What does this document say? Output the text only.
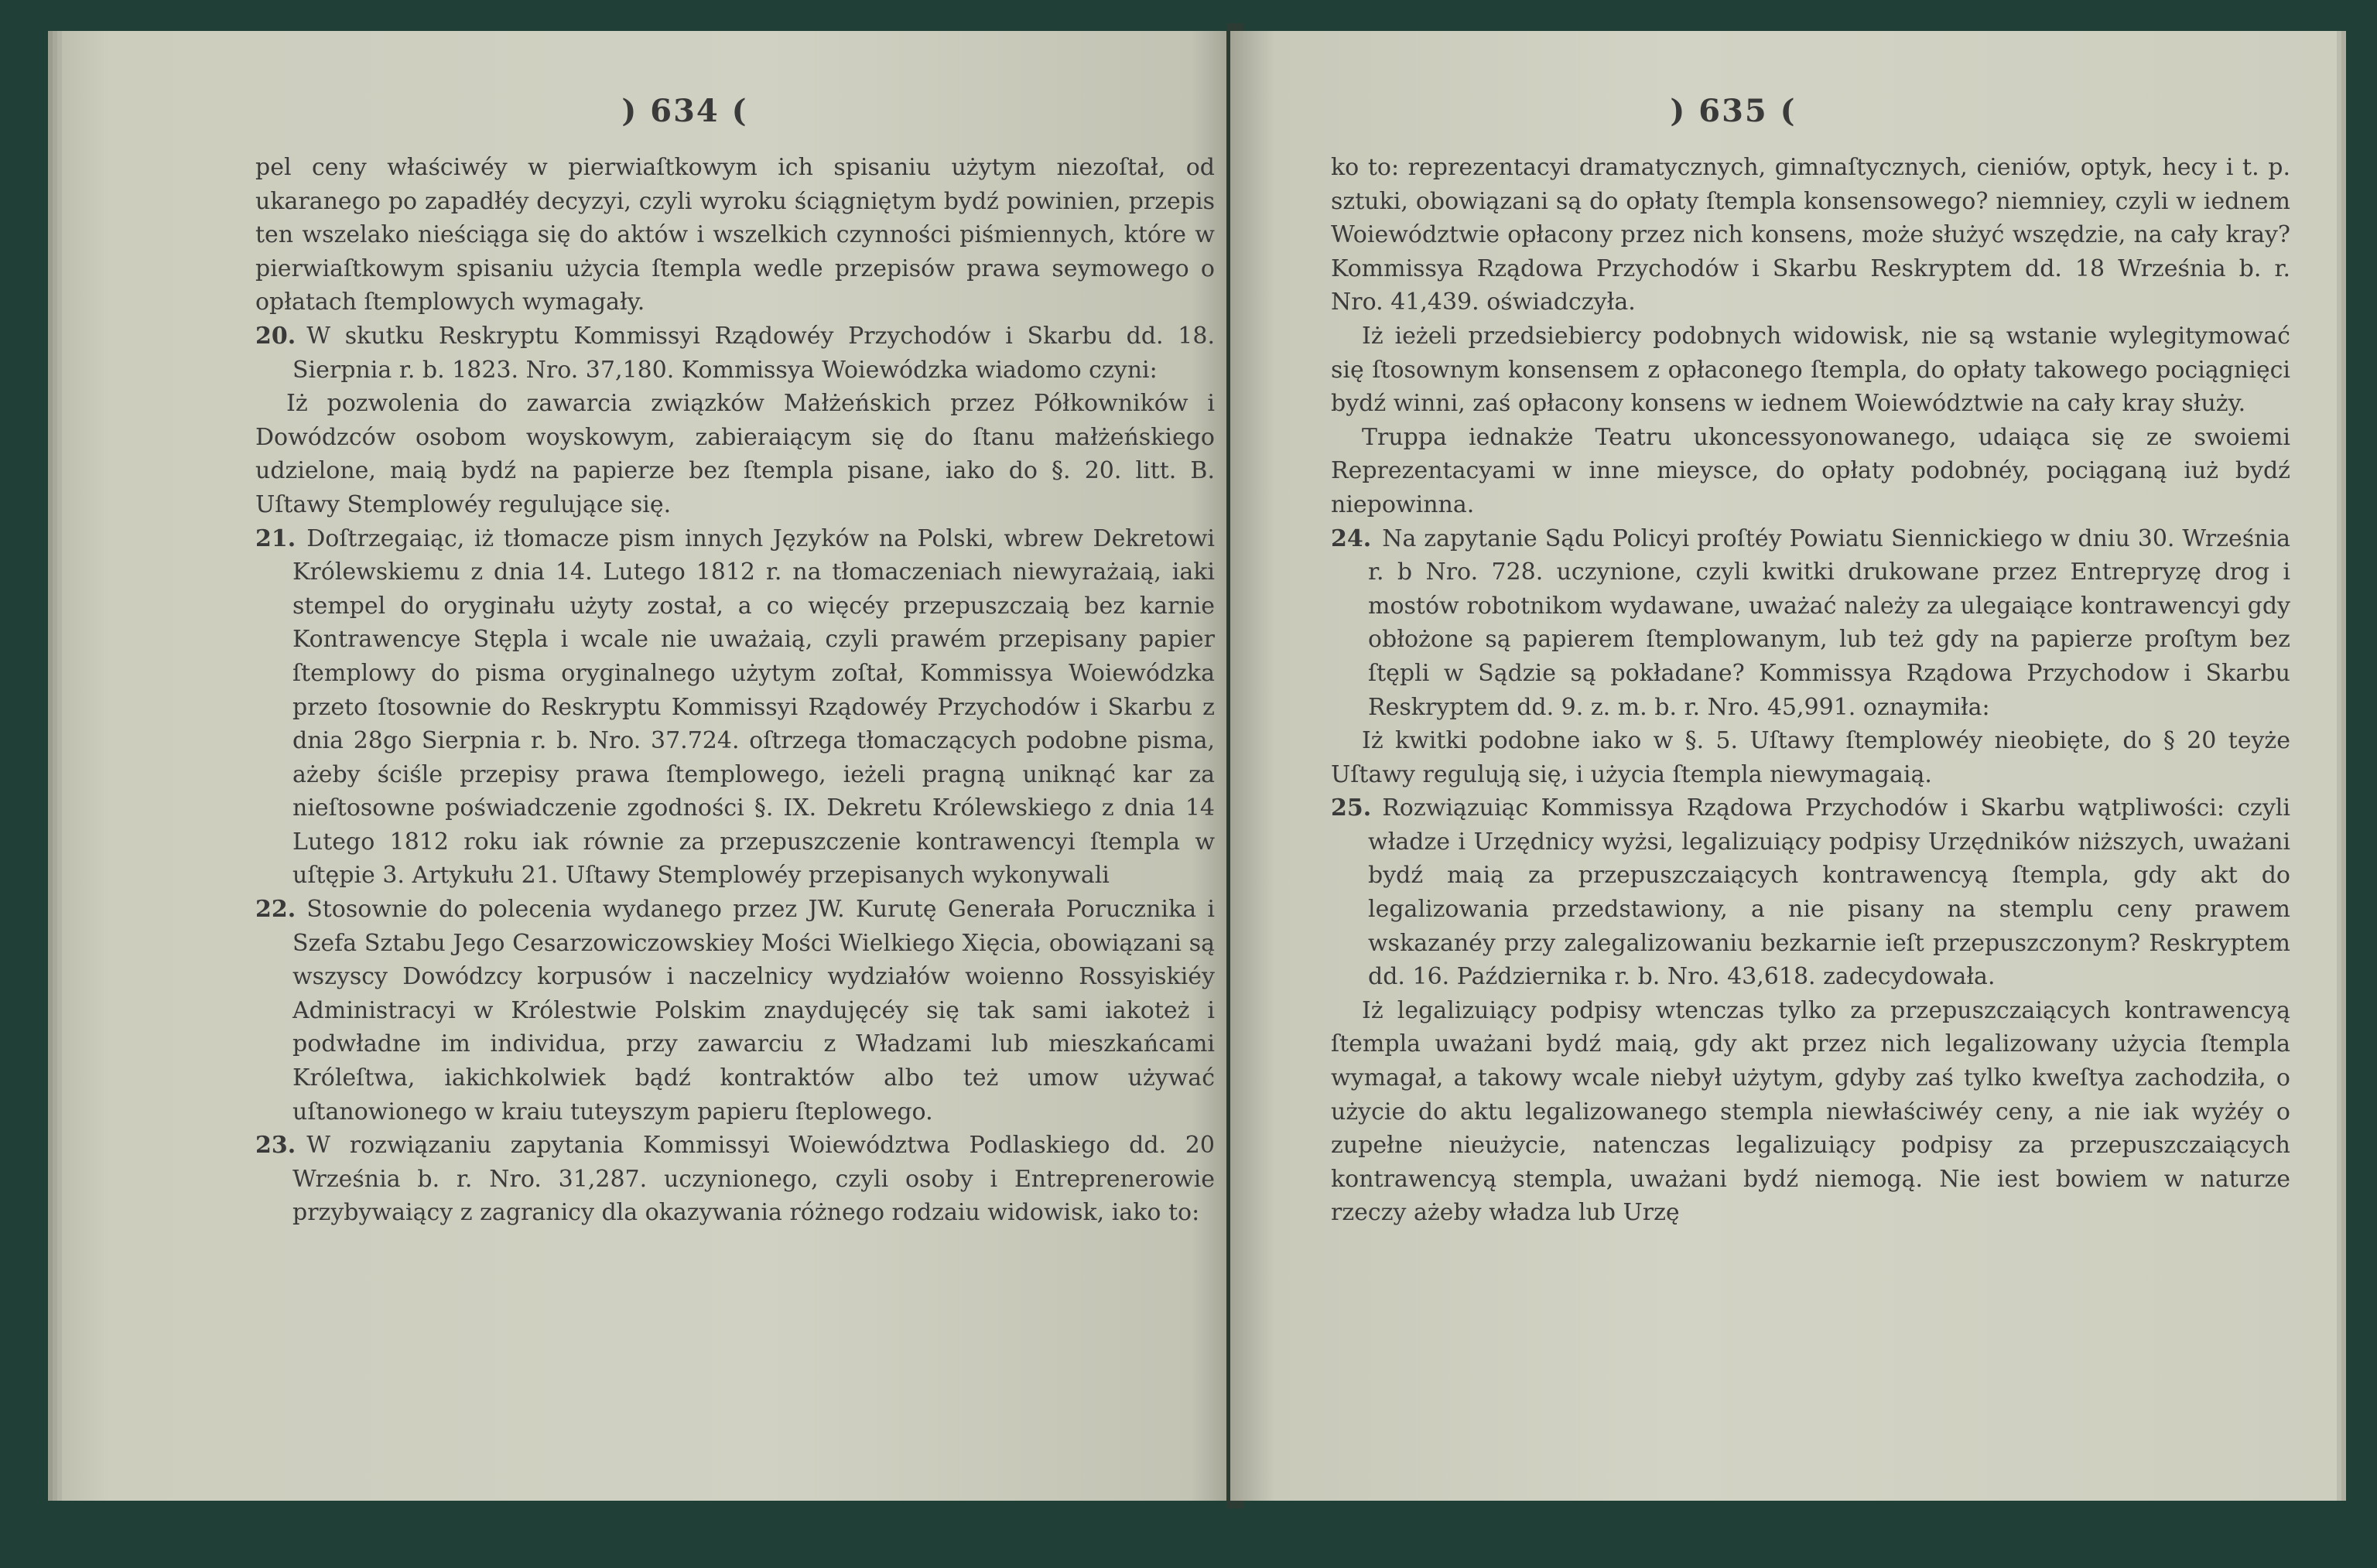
) 634 (

pel ceny właściwéy w pierwiaſtkowym ich spisaniu użytym niezoſtał, od ukaranego po zapadłéy decyzyi, czyli wyroku ściągniętym bydź powinien, przepis ten wszelako nieściąga się do aktów i wszelkich czynności piśmiennych, które w pierwiaſtkowym spisaniu użycia ſtempla wedle przepisów prawa seymowego o opłatach ſtemplowych wymagały.

20. W skutku Reskryptu Kommissyi Rządowéy Przychodów i Skarbu dd. 18. Sierpnia r. b. 1823. Nro. 37,180. Kommissya Woiewódzka wiadomo czyni:

Iż pozwolenia do zawarcia związków Małżeńskich przez Półkowników i Dowódzców osobom woyskowym, zabieraiącym się do ſtanu małżeńskiego udzielone, maią bydź na papierze bez ſtempla pisane, iako do §. 20. litt. B. Uſtawy Stemplowéy regulujące się.

21. Doſtrzegaiąc, iż tłomacze pism innych Języków na Polski, wbrew Dekretowi Królewskiemu z dnia 14. Lutego 1812 r. na tłomaczeniach niewyrażaią, iaki stempel do oryginału użyty został, a co więcéy przepuszczaią bez karnie Kontrawencye Stępla i wcale nie uważaią, czyli prawém przepisany papier ſtemplowy do pisma oryginalnego użytym zoſtał, Kommissya Woiewódzka przeto ſtosownie do Reskryptu Kommissyi Rządowéy Przychodów i Skarbu z dnia 28go Sierpnia r. b. Nro. 37.724. oſtrzega tłomaczących podobne pisma, ażeby ściśle przepisy prawa ſtemplowego, ieżeli pragną uniknąć kar za nieſtosowne poświadczenie zgodności §. IX. Dekretu Królewskiego z dnia 14 Lutego 1812 roku iak równie za przepuszczenie kontrawencyi ſtempla w uſtępie 3. Artykułu 21. Uſtawy Stemplowéy przepisanych wykonywali

22. Stosownie do polecenia wydanego przez JW. Kurutę Generała Porucznika i Szefa Sztabu Jego Cesarzowiczowskiey Mości Wielkiego Xięcia, obowiązani są wszyscy Dowódzcy korpusów i naczelnicy wydziałów woienno Rossyiskiéy Administracyi w Królestwie Polskim znaydujęcéy się tak sami iakoteż i podwładne im individua, przy zawarciu z Władzami lub mieszkańcami Króleſtwa, iakichkolwiek bądź kontraktów albo też umow używać uſtanowionego w kraiu tuteyszym papieru ſteplowego.

23. W rozwiązaniu zapytania Kommissyi Woiewództwa Podlaskiego dd. 20 Września b. r. Nro. 31,287. uczynionego, czyli osoby i Entreprenerowie przybywaiący z zagranicy dla okazywania różnego rodzaiu widowisk, iako to:

) 635 (

ko to: reprezentacyi dramatycznych, gimnaſtycznych, cieniów, optyk, hecy i t. p. sztuki, obowiązani są do opłaty ſtempla konsensowego? niemniey, czyli w iednem Woiewództwie opłacony przez nich konsens, może służyć wszędzie, na cały kray? Kommissya Rządowa Przychodów i Skarbu Reskryptem dd. 18 Września b. r. Nro. 41,439. oświadczyła.

Iż ieżeli przedsiebiercy podobnych widowisk, nie są wstanie wylegitymować się ſtosownym konsensem z opłaconego ſtempla, do opłaty takowego pociągnięci bydź winni, zaś opłacony konsens w iednem Woiewództwie na cały kray służy.

Truppa iednakże Teatru ukoncessyonowanego, udaiąca się ze swoiemi Reprezentacyami w inne mieysce, do opłaty podobnéy, pociąganą iuż bydź niepowinna.

24. Na zapytanie Sądu Policyi proſtéy Powiatu Siennickiego w dniu 30. Września r. b Nro. 728. uczynione, czyli kwitki drukowane przez Entrepryzę drog i mostów robotnikom wydawane, uważać należy za ulegaiące kontrawencyi gdy obłożone są papierem ſtemplowanym, lub też gdy na papierze proſtym bez ſtępli w Sądzie są pokładane? Kommissya Rządowa Przychodow i Skarbu Reskryptem dd. 9. z. m. b. r. Nro. 45,991. oznaymiła:

Iż kwitki podobne iako w §. 5. Uſtawy ſtemplowéy nieobięte, do § 20 teyże Uſtawy regulują się, i użycia ſtempla niewymagaią.

25. Rozwiązuiąc Kommissya Rządowa Przychodów i Skarbu wątpliwości: czyli władze i Urzędnicy wyżsi, legalizuiący podpisy Urzędników niższych, uważani bydź maią za przepuszczaiących kontrawencyą ſtempla, gdy akt do legalizowania przedstawiony, a nie pisany na stemplu ceny prawem wskazanéy przy zalegalizowaniu bezkarnie ieſt przepuszczonym? Reskryptem dd. 16. Października r. b. Nro. 43,618. zadecydowała.

Iż legalizuiący podpisy wtenczas tylko za przepuszczaiących kontrawencyą ſtempla uważani bydź maią, gdy akt przez nich legalizowany użycia ſtempla wymagał, a takowy wcale niebył użytym, gdyby zaś tylko kweſtya zachodziła, o użycie do aktu legalizowanego stempla niewłaściwéy ceny, a nie iak wyżéy o zupełne nieużycie, natenczas legalizuiący podpisy za przepuszczaiących kontrawencyą stempla, uważani bydź niemogą. Nie iest bowiem w naturze rzeczy ażeby władza lub Urzę
